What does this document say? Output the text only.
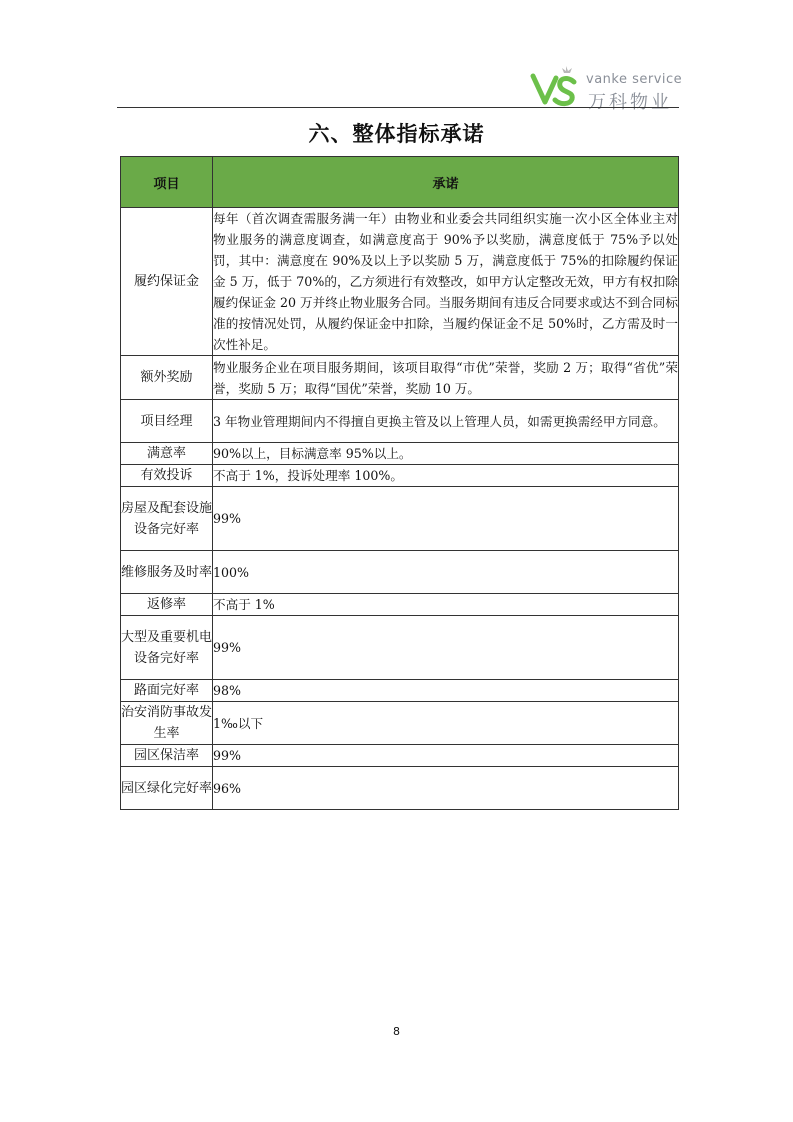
vanke service
万科物业
六、整体指标承诺
项目	承诺
履约保证金	每年（首次调查需服务满一年）由物业和业委会共同组织实施一次小区全体业主对物业服务的满意度调查，如满意度高于 90%予以奖励，满意度低于 75%予以处罚，其中：满意度在 90%及以上予以奖励 5 万，满意度低于 75%的扣除履约保证金 5 万，低于 70%的，乙方须进行有效整改，如甲方认定整改无效，甲方有权扣除履约保证金 20 万并终止物业服务合同。当服务期间有违反合同要求或达不到合同标准的按情况处罚，从履约保证金中扣除，当履约保证金不足 50%时，乙方需及时一次性补足。
额外奖励	物业服务企业在项目服务期间，该项目取得“市优”荣誉，奖励 2 万；取得“省优”荣誉，奖励 5 万；取得“国优”荣誉，奖励 10 万。
项目经理	3 年物业管理期间内不得擅自更换主管及以上管理人员，如需更换需经甲方同意。
满意率	90%以上，目标满意率 95%以上。
有效投诉	不高于 1%，投诉处理率 100%。
房屋及配套设施设备完好率	99%
维修服务及时率	100%
返修率	不高于 1%
大型及重要机电设备完好率	99%
路面完好率	98%
治安消防事故发生率	1‰以下
园区保洁率	99%
园区绿化完好率	96%
8
